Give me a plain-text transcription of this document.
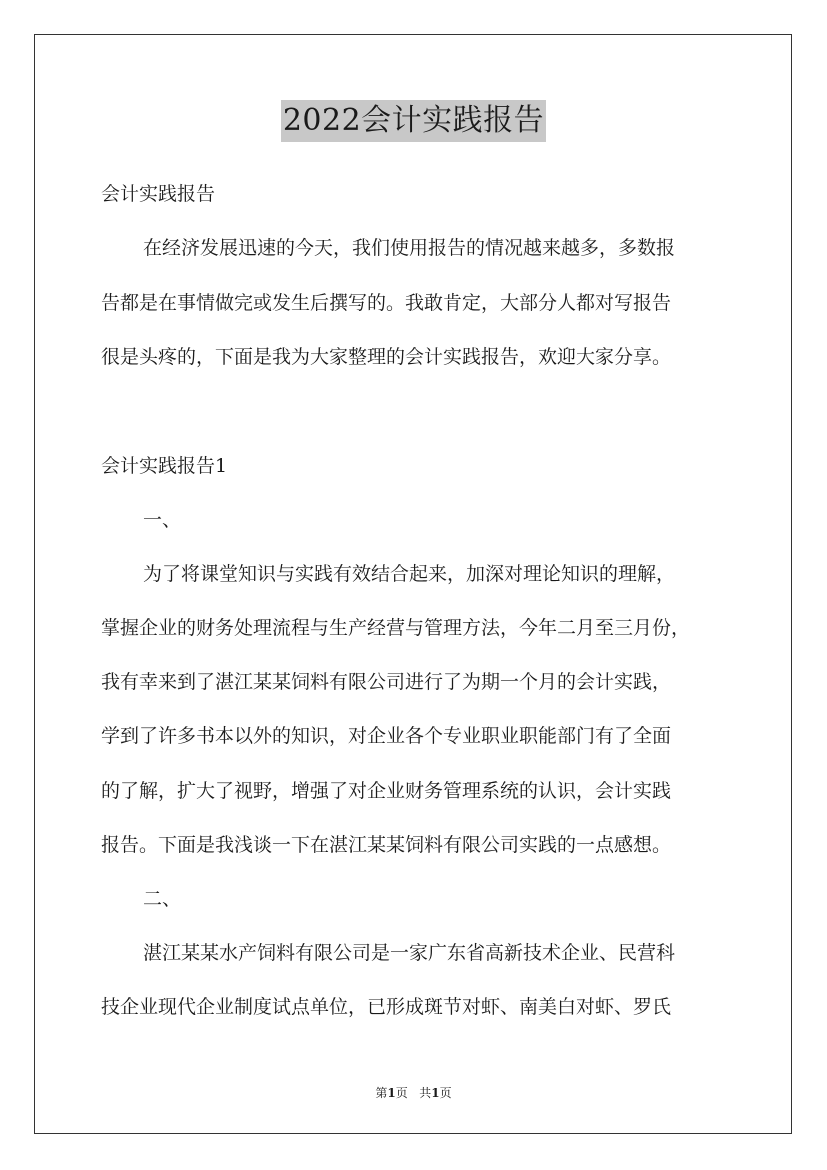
2022会计实践报告
会计实践报告
在经济发展迅速的今天，我们使用报告的情况越来越多，多数报
告都是在事情做完或发生后撰写的。我敢肯定，大部分人都对写报告
很是头疼的，下面是我为大家整理的会计实践报告，欢迎大家分享。
会计实践报告1
一、
为了将课堂知识与实践有效结合起来，加深对理论知识的理解，
掌握企业的财务处理流程与生产经营与管理方法，今年二月至三月份，
我有幸来到了湛江某某饲料有限公司进行了为期一个月的会计实践，
学到了许多书本以外的知识，对企业各个专业职业职能部门有了全面
的了解，扩大了视野，增强了对企业财务管理系统的认识，会计实践
报告。下面是我浅谈一下在湛江某某饲料有限公司实践的一点感想。
二、
湛江某某水产饲料有限公司是一家广东省高新技术企业、民营科
技企业现代企业制度试点单位，已形成斑节对虾、南美白对虾、罗氏
第1页 共1页
